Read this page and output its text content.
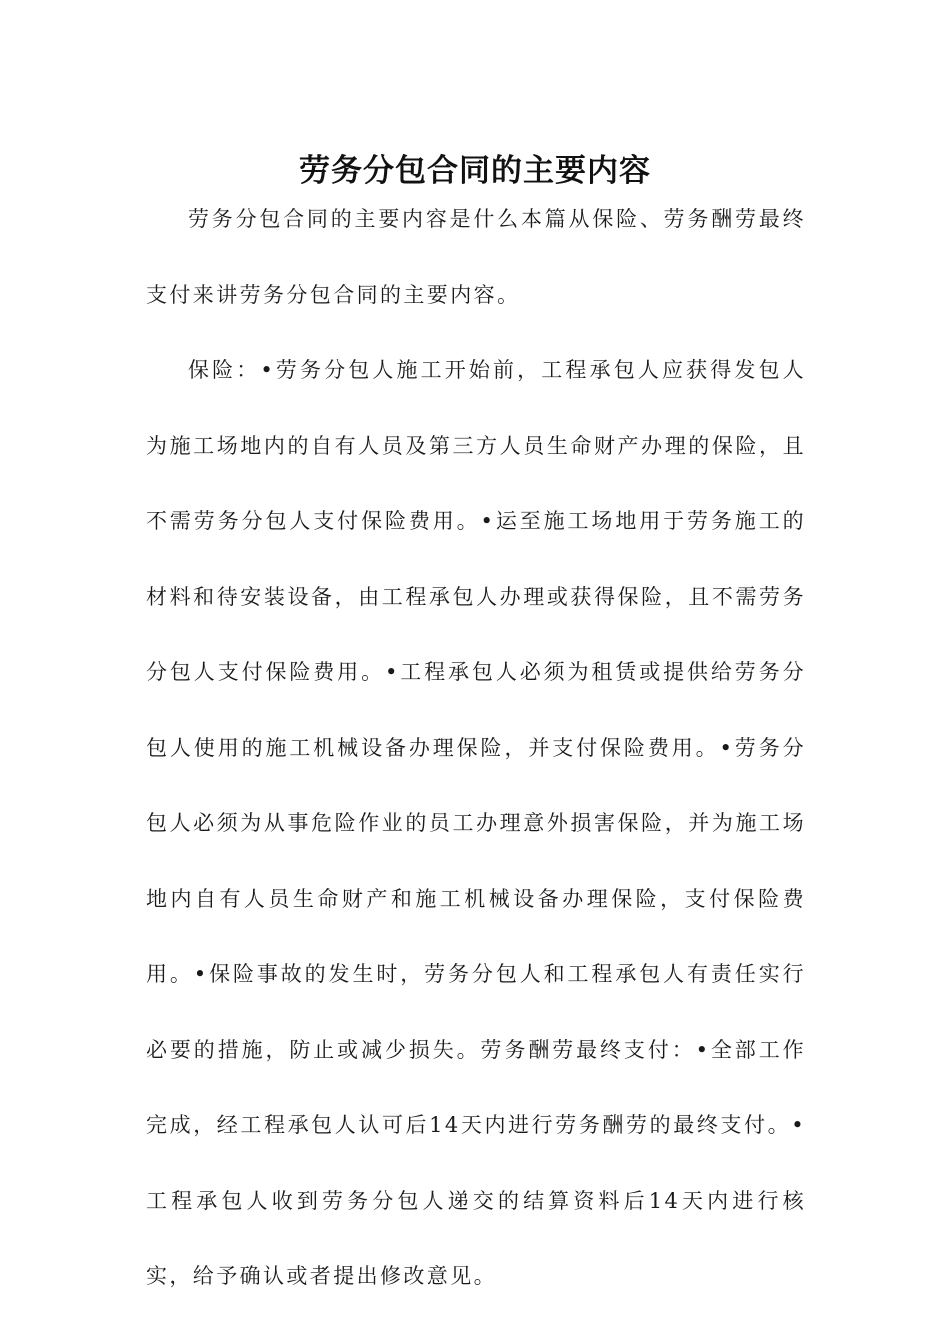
劳务分包合同的主要内容

劳务分包合同的主要内容是什么本篇从保险、劳务酬劳最终支付来讲劳务分包合同的主要内容。

保险：•劳务分包人施工开始前，工程承包人应获得发包人为施工场地内的自有人员及第三方人员生命财产办理的保险，且不需劳务分包人支付保险费用。•运至施工场地用于劳务施工的材料和待安装设备，由工程承包人办理或获得保险，且不需劳务分包人支付保险费用。•工程承包人必须为租赁或提供给劳务分包人使用的施工机械设备办理保险，并支付保险费用。•劳务分包人必须为从事危险作业的员工办理意外损害保险，并为施工场地内自有人员生命财产和施工机械设备办理保险，支付保险费用。•保险事故的发生时，劳务分包人和工程承包人有责任实行必要的措施，防止或减少损失。劳务酬劳最终支付：•全部工作完成，经工程承包人认可后14天内进行劳务酬劳的最终支付。•工程承包人收到劳务分包人递交的结算资料后14天内进行核实，给予确认或者提出修改意见。
